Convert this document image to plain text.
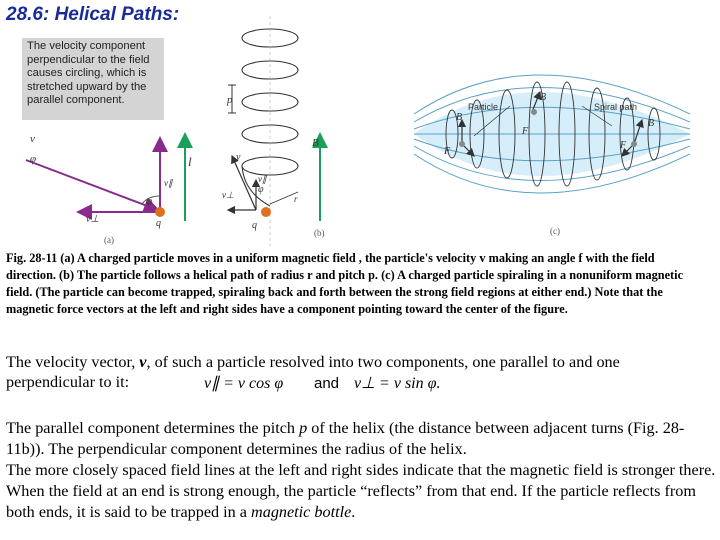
28.6: Helical Paths:
v
φ
φ
v∥
v⊥	q
(a)
p
B
l	v
v∥
v⊥ φ
r
q
(b)
Particle	Spiral path
B
B
B
F
F
F
(c)
The velocity component perpendicular to the field causes circling, which is stretched upward by the parallel component.
Fig. 28-11 (a) A charged particle moves in a uniform magnetic field , the particle's velocity v making an angle f with the field direction. (b) The particle follows a helical path of radius r and pitch p. (c) A charged particle spiraling in a nonuniform magnetic field. (The particle can become trapped, spiraling back and forth between the strong field regions at either end.) Note that the magnetic force vectors at the left and right sides have a component pointing toward the center of the figure.
The velocity vector, v, of such a particle resolved into two components, one parallel to and one perpendicular to it:	v∥ = v cos φ and v⊥ = v sin φ.
The parallel component determines the pitch p of the helix (the distance between adjacent turns (Fig. 28-11b)). The perpendicular component determines the radius of the helix.
The more closely spaced field lines at the left and right sides indicate that the magnetic field is stronger there. When the field at an end is strong enough, the particle “reflects” from that end. If the particle reflects from both ends, it is said to be trapped in a magnetic bottle.
